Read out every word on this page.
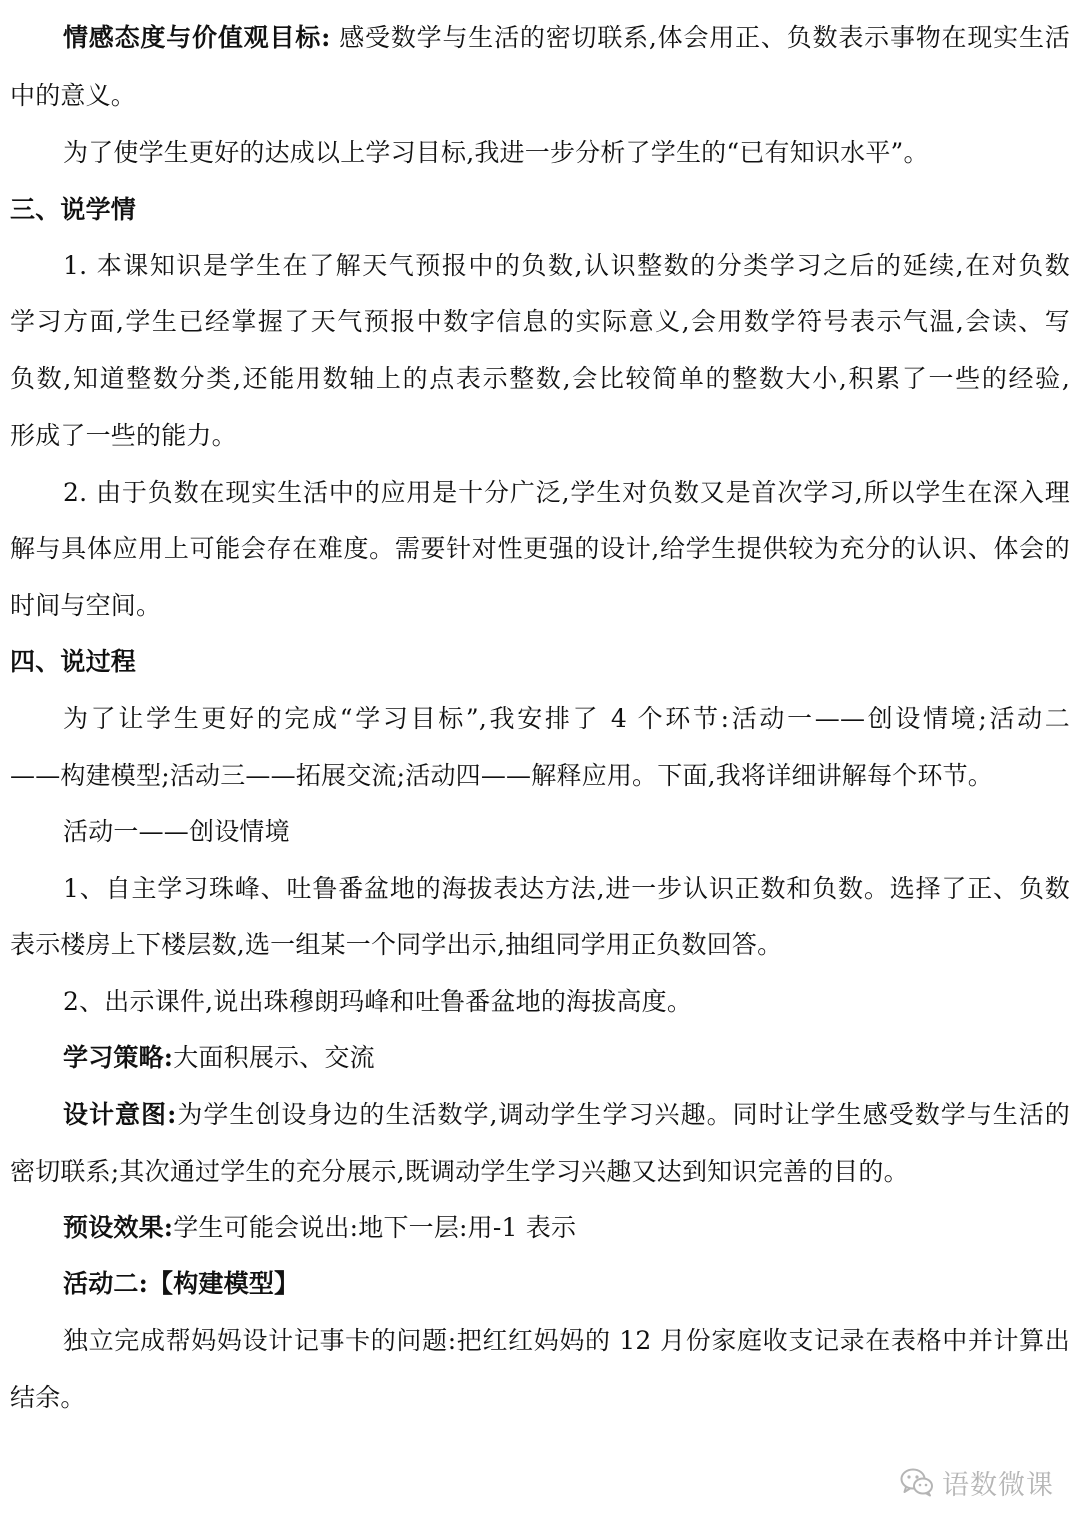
情感态度与价值观目标: 感受数学与生活的密切联系,体会用正、负数表示事物在现实生活
中的意义。
为了使学生更好的达成以上学习目标,我进一步分析了学生的“已有知识水平”。
三、说学情
1. 本课知识是学生在了解天气预报中的负数,认识整数的分类学习之后的延续,在对负数
学习方面,学生已经掌握了天气预报中数字信息的实际意义,会用数学符号表示气温,会读、写
负数,知道整数分类,还能用数轴上的点表示整数,会比较简单的整数大小,积累了一些的经验,
形成了一些的能力。
2. 由于负数在现实生活中的应用是十分广泛,学生对负数又是首次学习,所以学生在深入理
解与具体应用上可能会存在难度。需要针对性更强的设计,给学生提供较为充分的认识、体会的
时间与空间。
四、说过程
为了让学生更好的完成“学习目标”,我安排了 4 个环节:活动一——创设情境;活动二
——构建模型;活动三——拓展交流;活动四——解释应用。下面,我将详细讲解每个环节。
活动一——创设情境
1、自主学习珠峰、吐鲁番盆地的海拔表达方法,进一步认识正数和负数。选择了正、负数
表示楼房上下楼层数,选一组某一个同学出示,抽组同学用正负数回答。
2、出示课件,说出珠穆朗玛峰和吐鲁番盆地的海拔高度。
学习策略:大面积展示、交流
设计意图:为学生创设身边的生活数学,调动学生学习兴趣。同时让学生感受数学与生活的
密切联系;其次通过学生的充分展示,既调动学生学习兴趣又达到知识完善的目的。
预设效果:学生可能会说出:地下一层:用-1 表示
活动二:【构建模型】
独立完成帮妈妈设计记事卡的问题:把红红妈妈的 12 月份家庭收支记录在表格中并计算出
结余。
语数微课
